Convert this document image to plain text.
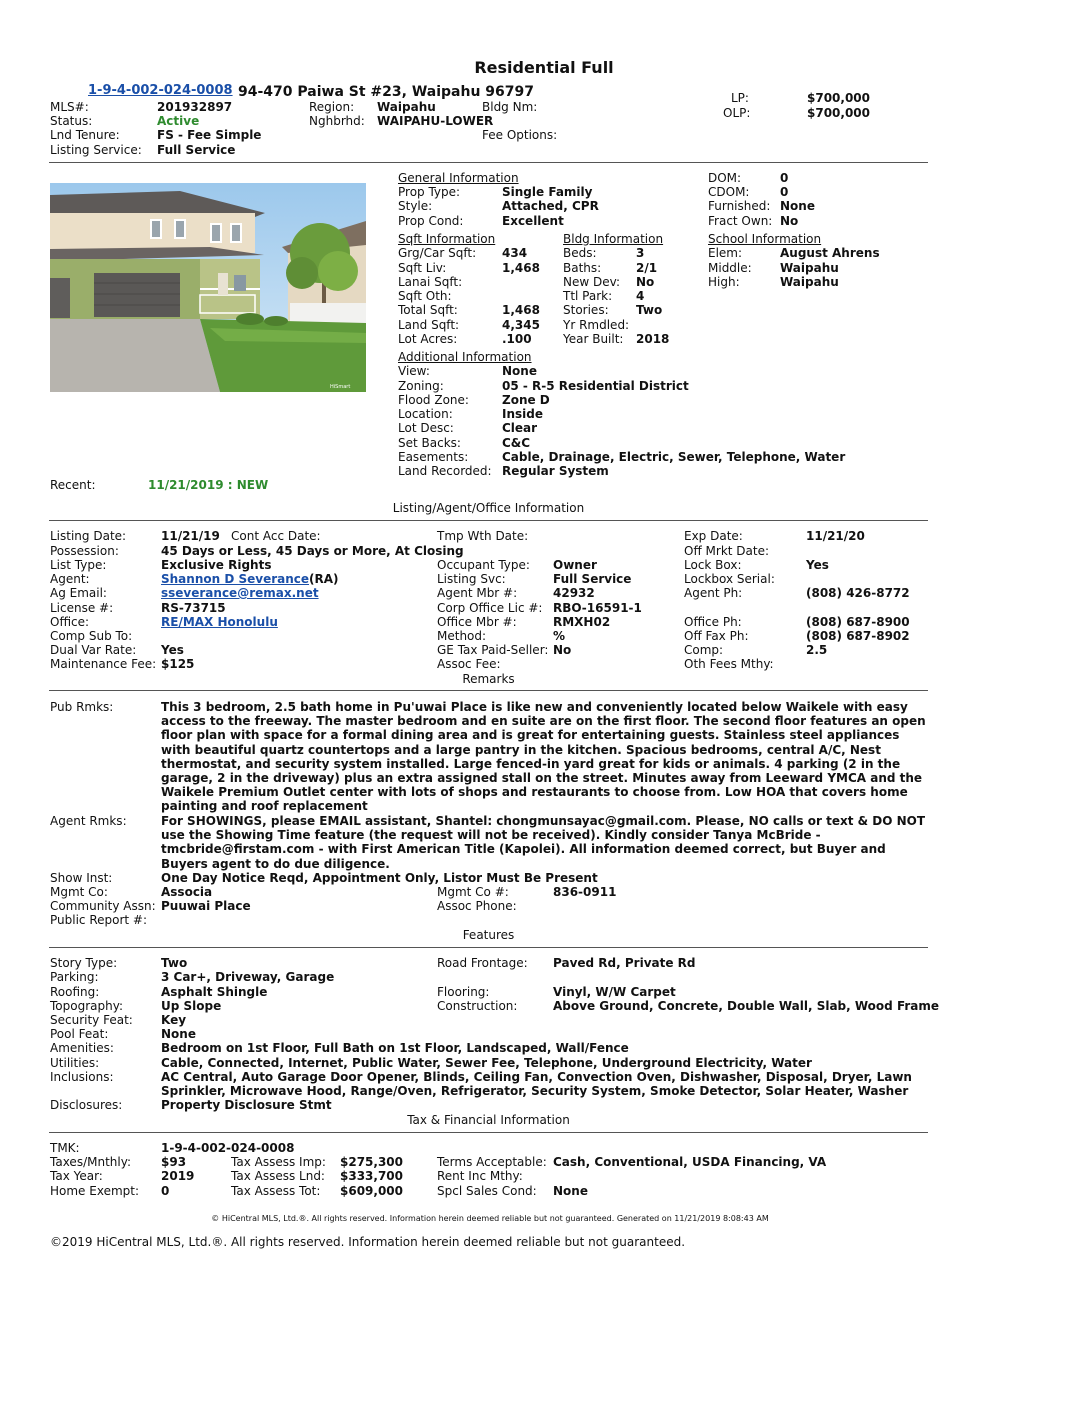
Residential Full
1-9-4-002-024-0008 94-470 Paiwa St #23, Waipahu 96797
MLS#:	201932897
Status:	Active
Lnd Tenure:	FS - Fee Simple
Listing Service: Full Service
Region: Waipahu
Nghbrhd: WAIPAHU-LOWER
Bldg Nm:
Fee Options:
LP:	$700,000
OLP:	$700,000
HiSmart
General Information
Prop Type:	Single Family
Style:	Attached, CPR
Prop Cond:	Excellent
DOM:	0
CDOM:	0
Furnished: None
Fract Own: No
Sqft Information
Grg/Car Sqft: 434
Sqft Liv:	1,468
Lanai Sqft:
Sqft Oth:
Total Sqft:	1,468
Land Sqft:	4,345
Lot Acres:	.100
Bldg Information
Beds:	3
Baths:	2/1
New Dev: No
Ttl Park: 4
Stories: Two
Yr Rmdled:
Year Built: 2018
School Information
Elem:	August Ahrens
Middle: Waipahu
High:	Waipahu
Additional Information
View:	None
Zoning:	05 - R-5 Residential District
Flood Zone:	Zone D
Location:	Inside
Lot Desc:	Clear
Set Backs:	C&C
Easements:	Cable, Drainage, Electric, Sewer, Telephone, Water
Land Recorded: Regular System
Recent:	11/21/2019 : NEW
Listing/Agent/Office Information
Listing Date:	11/21/19 Cont Acc Date:	Tmp Wth Date:	Exp Date:	11/21/20
Possession:	45 Days or Less, 45 Days or More, At Closing	Off Mrkt Date:
List Type:	Exclusive Rights	Occupant Type: Owner	Lock Box:	Yes
Agent:	Shannon D Severance(RA)	Listing Svc:	Full Service	Lockbox Serial:
Ag Email:	sseverance@remax.net	Agent Mbr #:	42932	Agent Ph:	(808) 426-8772
License #:	RS-73715	Corp Office Lic #: RBO-16591-1
Office:	RE/MAX Honolulu	Office Mbr #:	RMXH02	Office Ph:	(808) 687-8900
Comp Sub To:	Method:	%	Off Fax Ph:	(808) 687-8902
Dual Var Rate: Yes	GE Tax Paid-Seller: No	Comp:	2.5
Maintenance Fee: $125	Assoc Fee:	Oth Fees Mthy:
Remarks
Pub Rmks:	This 3 bedroom, 2.5 bath home in Pu'uwai Place is like new and conveniently located below Waikele with easy access to the freeway. The master bedroom and en suite are on the first floor. The second floor features an open floor plan with space for a formal dining area and is great for entertaining guests. Stainless steel appliances with beautiful quartz countertops and a large pantry in the kitchen. Spacious bedrooms, central A/C, Nest thermostat, and security system installed. Large fenced-in yard great for kids or animals. 4 parking (2 in the garage, 2 in the driveway) plus an extra assigned stall on the street. Minutes away from Leeward YMCA and the Waikele Premium Outlet center with lots of shops and restaurants to choose from. Low HOA that covers home painting and roof replacement
Agent Rmks:	For SHOWINGS, please EMAIL assistant, Shantel: chongmunsayac@gmail.com. Please, NO calls or text & DO NOT use the Showing Time feature (the request will not be received). Kindly consider Tanya McBride - tmcbride@firstam.com - with First American Title (Kapolei). All information deemed correct, but Buyer and Buyers agent to do due diligence.
Show Inst:	One Day Notice Reqd, Appointment Only, Listor Must Be Present
Mgmt Co:	Associa	Mgmt Co #:	836-0911
Community Assn: Puuwai Place	Assoc Phone:
Public Report #:
Features
Story Type:	Two	Road Frontage: Paved Rd, Private Rd
Parking:	3 Car+, Driveway, Garage
Roofing:	Asphalt Shingle	Flooring:	Vinyl, W/W Carpet
Topography:	Up Slope	Construction:	Above Ground, Concrete, Double Wall, Slab, Wood Frame
Security Feat: Key
Pool Feat:	None
Amenities:	Bedroom on 1st Floor, Full Bath on 1st Floor, Landscaped, Wall/Fence
Utilities:	Cable, Connected, Internet, Public Water, Sewer Fee, Telephone, Underground Electricity, Water
Inclusions:	AC Central, Auto Garage Door Opener, Blinds, Ceiling Fan, Convection Oven, Dishwasher, Disposal, Dryer, Lawn Sprinkler, Microwave Hood, Range/Oven, Refrigerator, Security System, Smoke Detector, Solar Heater, Washer
Disclosures:	Property Disclosure Stmt
Tax & Financial Information
TMK:	1-9-4-002-024-0008
Taxes/Mnthly:	$93	Tax Assess Imp: $275,300	Terms Acceptable: Cash, Conventional, USDA Financing, VA
Tax Year:	2019	Tax Assess Lnd: $333,700	Rent Inc Mthy:
Home Exempt: 0	Tax Assess Tot: $609,000	Spcl Sales Cond: None
© HiCentral MLS, Ltd.®. All rights reserved. Information herein deemed reliable but not guaranteed. Generated on 11/21/2019 8:08:43 AM
©2019 HiCentral MLS, Ltd.®. All rights reserved. Information herein deemed reliable but not guaranteed.
